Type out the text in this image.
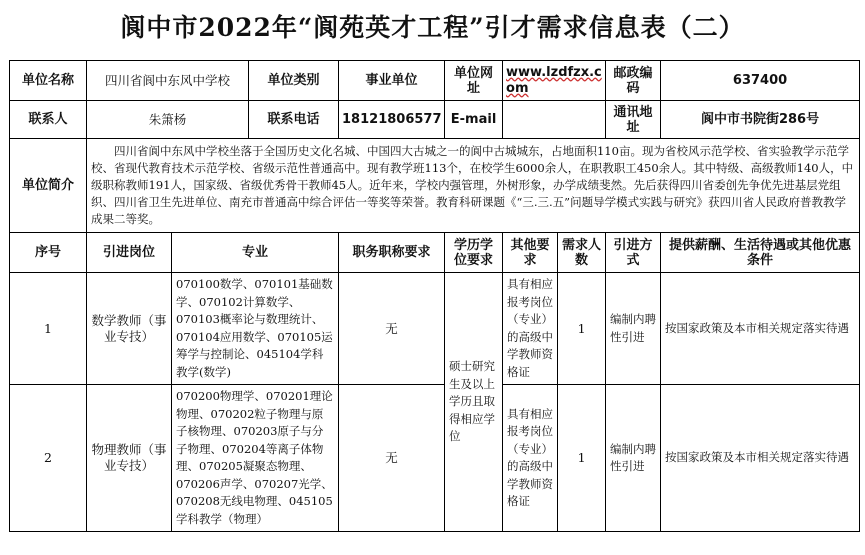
阆中市2022年“阆苑英才工程”引才需求信息表（二）
单位名称	四川省阆中东风中学校		单位类别	事业单位	单位网址	www.lzdfzx.com		邮政编码	637400
联系人	朱箫杨		联系电话	18121806577	E-mail			通讯地址	阆中市书院街286号
单位简介	四川省阆中东风中学校坐落于全国历史文化名城、中国四大古城之一的阆中古城城东，占地面积110亩。现为省校风示范学校、省实验教学示范学校、省现代教育技术示范学校、省级示范性普通高中。现有教学班113个，在校学生6000余人，在职教职工450余人。其中特级、高级教师140人，中级职称教师191人，国家级、省级优秀骨干教师45人。近年来，学校内强管理，外树形象，办学成绩斐然。先后获得四川省委创先争优先进基层党组织、四川省卫生先进单位、南充市普通高中综合评估一等奖等荣誉。教育科研课题《“三.三.五”问题导学模式实践与研究》获四川省人民政府普教教学成果二等奖。								
序号	引进岗位	专业		职务职称要求	学历学位要求	其他要求	需求人数	引进方式	提供薪酬、生活待遇或其他优惠条件
1	数学教师（事业专技）	070100数学、070101基础数学、070102计算数学、070103概率论与数理统计、070104应用数学、070105运筹学与控制论、045104学科教学(数学)		无	硕士研究生及以上学历且取得相应学位	具有相应报考岗位（专业）的高级中学教师资格证	1	编制内聘性引进	按国家政策及本市相关规定落实待遇
2	物理教师（事业专技）	070200物理学、070201理论物理、070202粒子物理与原子核物理、070203原子与分子物理、070204等离子体物理、070205凝聚态物理、070206声学、070207光学、070208无线电物理、045105学科教学（物理）		无		具有相应报考岗位（专业）的高级中学教师资格证	1	编制内聘性引进	按国家政策及本市相关规定落实待遇
